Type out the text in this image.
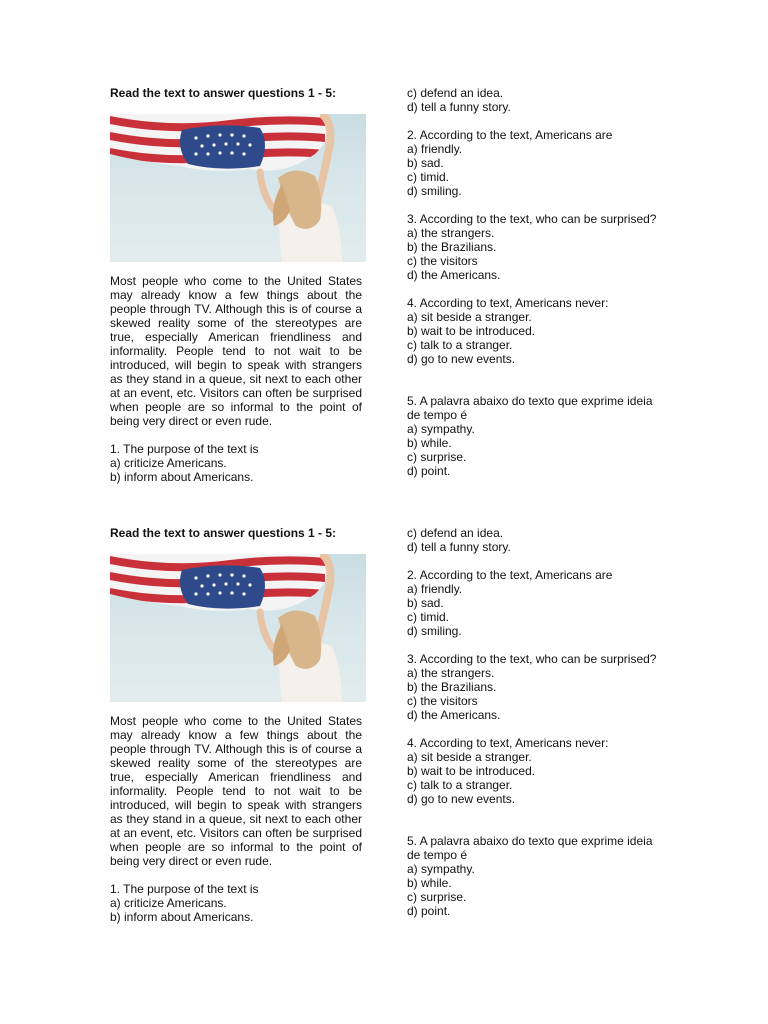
Read the text to answer questions 1 - 5:
Most people who come to the United States may already know a few things about the people through TV. Although this is of course a skewed reality some of the stereotypes are true, especially American friendliness and informality. People tend to not wait to be introduced, will begin to speak with strangers as they stand in a queue, sit next to each other at an event, etc. Visitors can often be surprised when people are so informal to the point of being very direct or even rude.
1. The purpose of the text is
a) criticize Americans.
b) inform about Americans.
c) defend an idea.
d) tell a funny story.
2. According to the text, Americans are
a) friendly.
b) sad.
c) timid.
d) smiling.
3. According to the text, who can be surprised?
a) the strangers.
b) the Brazilians.
c) the visitors
d) the Americans.
4. According to text, Americans never:
a) sit beside a stranger.
b) wait to be introduced.
c) talk to a stranger.
d) go to new events.
5. A palavra abaixo do texto que exprime ideia de tempo é
a) sympathy.
b) while.
c) surprise.
d) point.
Read the text to answer questions 1 - 5:
Most people who come to the United States may already know a few things about the people through TV. Although this is of course a skewed reality some of the stereotypes are true, especially American friendliness and informality. People tend to not wait to be introduced, will begin to speak with strangers as they stand in a queue, sit next to each other at an event, etc. Visitors can often be surprised when people are so informal to the point of being very direct or even rude.
1. The purpose of the text is
a) criticize Americans.
b) inform about Americans.
c) defend an idea.
d) tell a funny story.
2. According to the text, Americans are
a) friendly.
b) sad.
c) timid.
d) smiling.
3. According to the text, who can be surprised?
a) the strangers.
b) the Brazilians.
c) the visitors
d) the Americans.
4. According to text, Americans never:
a) sit beside a stranger.
b) wait to be introduced.
c) talk to a stranger.
d) go to new events.
5. A palavra abaixo do texto que exprime ideia de tempo é
a) sympathy.
b) while.
c) surprise.
d) point.
